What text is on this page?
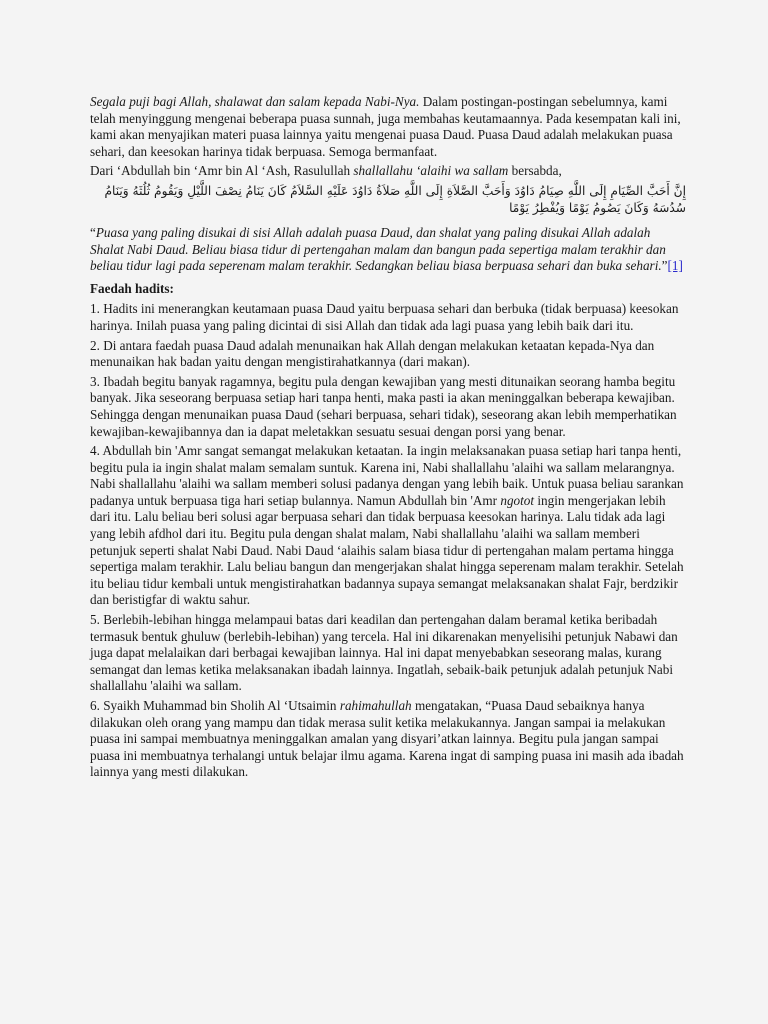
Segala puji bagi Allah, shalawat dan salam kepada Nabi-Nya. Dalam postingan-postingan sebelumnya, kami telah menyinggung mengenai beberapa puasa sunnah, juga membahas keutamaannya. Pada kesempatan kali ini, kami akan menyajikan materi puasa lainnya yaitu mengenai puasa Daud. Puasa Daud adalah melakukan puasa sehari, dan keesokan harinya tidak berpuasa. Semoga bermanfaat.

Dari ‘Abdullah bin ‘Amr bin Al ‘Ash, Rasulullah shallallahu ‘alaihi wa sallam bersabda,

إِنَّ أَحَبَّ الصِّيَامِ إِلَى اللَّهِ صِيَامُ دَاوُدَ وَأَحَبَّ الصَّلاَةِ إِلَى اللَّهِ صَلاَةُ دَاوُدَ عَلَيْهِ السَّلاَمُ كَانَ يَنَامُ نِصْفَ اللَّيْلِ وَيَقُومُ ثُلُثَهُ وَيَنَامُ سُدُسَهُ وَكَانَ يَصُومُ يَوْمًا وَيُفْطِرُ يَوْمًا

“Puasa yang paling disukai di sisi Allah adalah puasa Daud, dan shalat yang paling disukai Allah adalah Shalat Nabi Daud. Beliau biasa tidur di pertengahan malam dan bangun pada sepertiga malam terakhir dan beliau tidur lagi pada seperenam malam terakhir. Sedangkan beliau biasa berpuasa sehari dan buka sehari.”[1]

Faedah hadits:

1. Hadits ini menerangkan keutamaan puasa Daud yaitu berpuasa sehari dan berbuka (tidak berpuasa) keesokan harinya. Inilah puasa yang paling dicintai di sisi Allah dan tidak ada lagi puasa yang lebih baik dari itu.

2. Di antara faedah puasa Daud adalah menunaikan hak Allah dengan melakukan ketaatan kepada-Nya dan menunaikan hak badan yaitu dengan mengistirahatkannya (dari makan).

3. Ibadah begitu banyak ragamnya, begitu pula dengan kewajiban yang mesti ditunaikan seorang hamba begitu banyak. Jika seseorang berpuasa setiap hari tanpa henti, maka pasti ia akan meninggalkan beberapa kewajiban. Sehingga dengan menunaikan puasa Daud (sehari berpuasa, sehari tidak), seseorang akan lebih memperhatikan kewajiban-kewajibannya dan ia dapat meletakkan sesuatu sesuai dengan porsi yang benar.

4. Abdullah bin 'Amr sangat semangat melakukan ketaatan. Ia ingin melaksanakan puasa setiap hari tanpa henti, begitu pula ia ingin shalat malam semalam suntuk. Karena ini, Nabi shallallahu 'alaihi wa sallam melarangnya. Nabi shallallahu 'alaihi wa sallam memberi solusi padanya dengan yang lebih baik. Untuk puasa beliau sarankan padanya untuk berpuasa tiga hari setiap bulannya. Namun Abdullah bin 'Amr ngotot ingin mengerjakan lebih dari itu. Lalu beliau beri solusi agar berpuasa sehari dan tidak berpuasa keesokan harinya. Lalu tidak ada lagi yang lebih afdhol dari itu. Begitu pula dengan shalat malam, Nabi shallallahu 'alaihi wa sallam memberi petunjuk seperti shalat Nabi Daud. Nabi Daud ‘alaihis salam biasa tidur di pertengahan malam pertama hingga sepertiga malam terakhir. Lalu beliau bangun dan mengerjakan shalat hingga seperenam malam terakhir. Setelah itu beliau tidur kembali untuk mengistirahatkan badannya supaya semangat melaksanakan shalat Fajr, berdzikir dan beristigfar di waktu sahur.

5. Berlebih-lebihan hingga melampaui batas dari keadilan dan pertengahan dalam beramal ketika beribadah termasuk bentuk ghuluw (berlebih-lebihan) yang tercela. Hal ini dikarenakan menyelisihi petunjuk Nabawi dan juga dapat melalaikan dari berbagai kewajiban lainnya. Hal ini dapat menyebabkan seseorang malas, kurang semangat dan lemas ketika melaksanakan ibadah lainnya. Ingatlah, sebaik-baik petunjuk adalah petunjuk Nabi shallallahu 'alaihi wa sallam.

6. Syaikh Muhammad bin Sholih Al ‘Utsaimin rahimahullah mengatakan, “Puasa Daud sebaiknya hanya dilakukan oleh orang yang mampu dan tidak merasa sulit ketika melakukannya. Jangan sampai ia melakukan puasa ini sampai membuatnya meninggalkan amalan yang disyari’atkan lainnya. Begitu pula jangan sampai puasa ini membuatnya terhalangi untuk belajar ilmu agama. Karena ingat di samping puasa ini masih ada ibadah lainnya yang mesti dilakukan.
